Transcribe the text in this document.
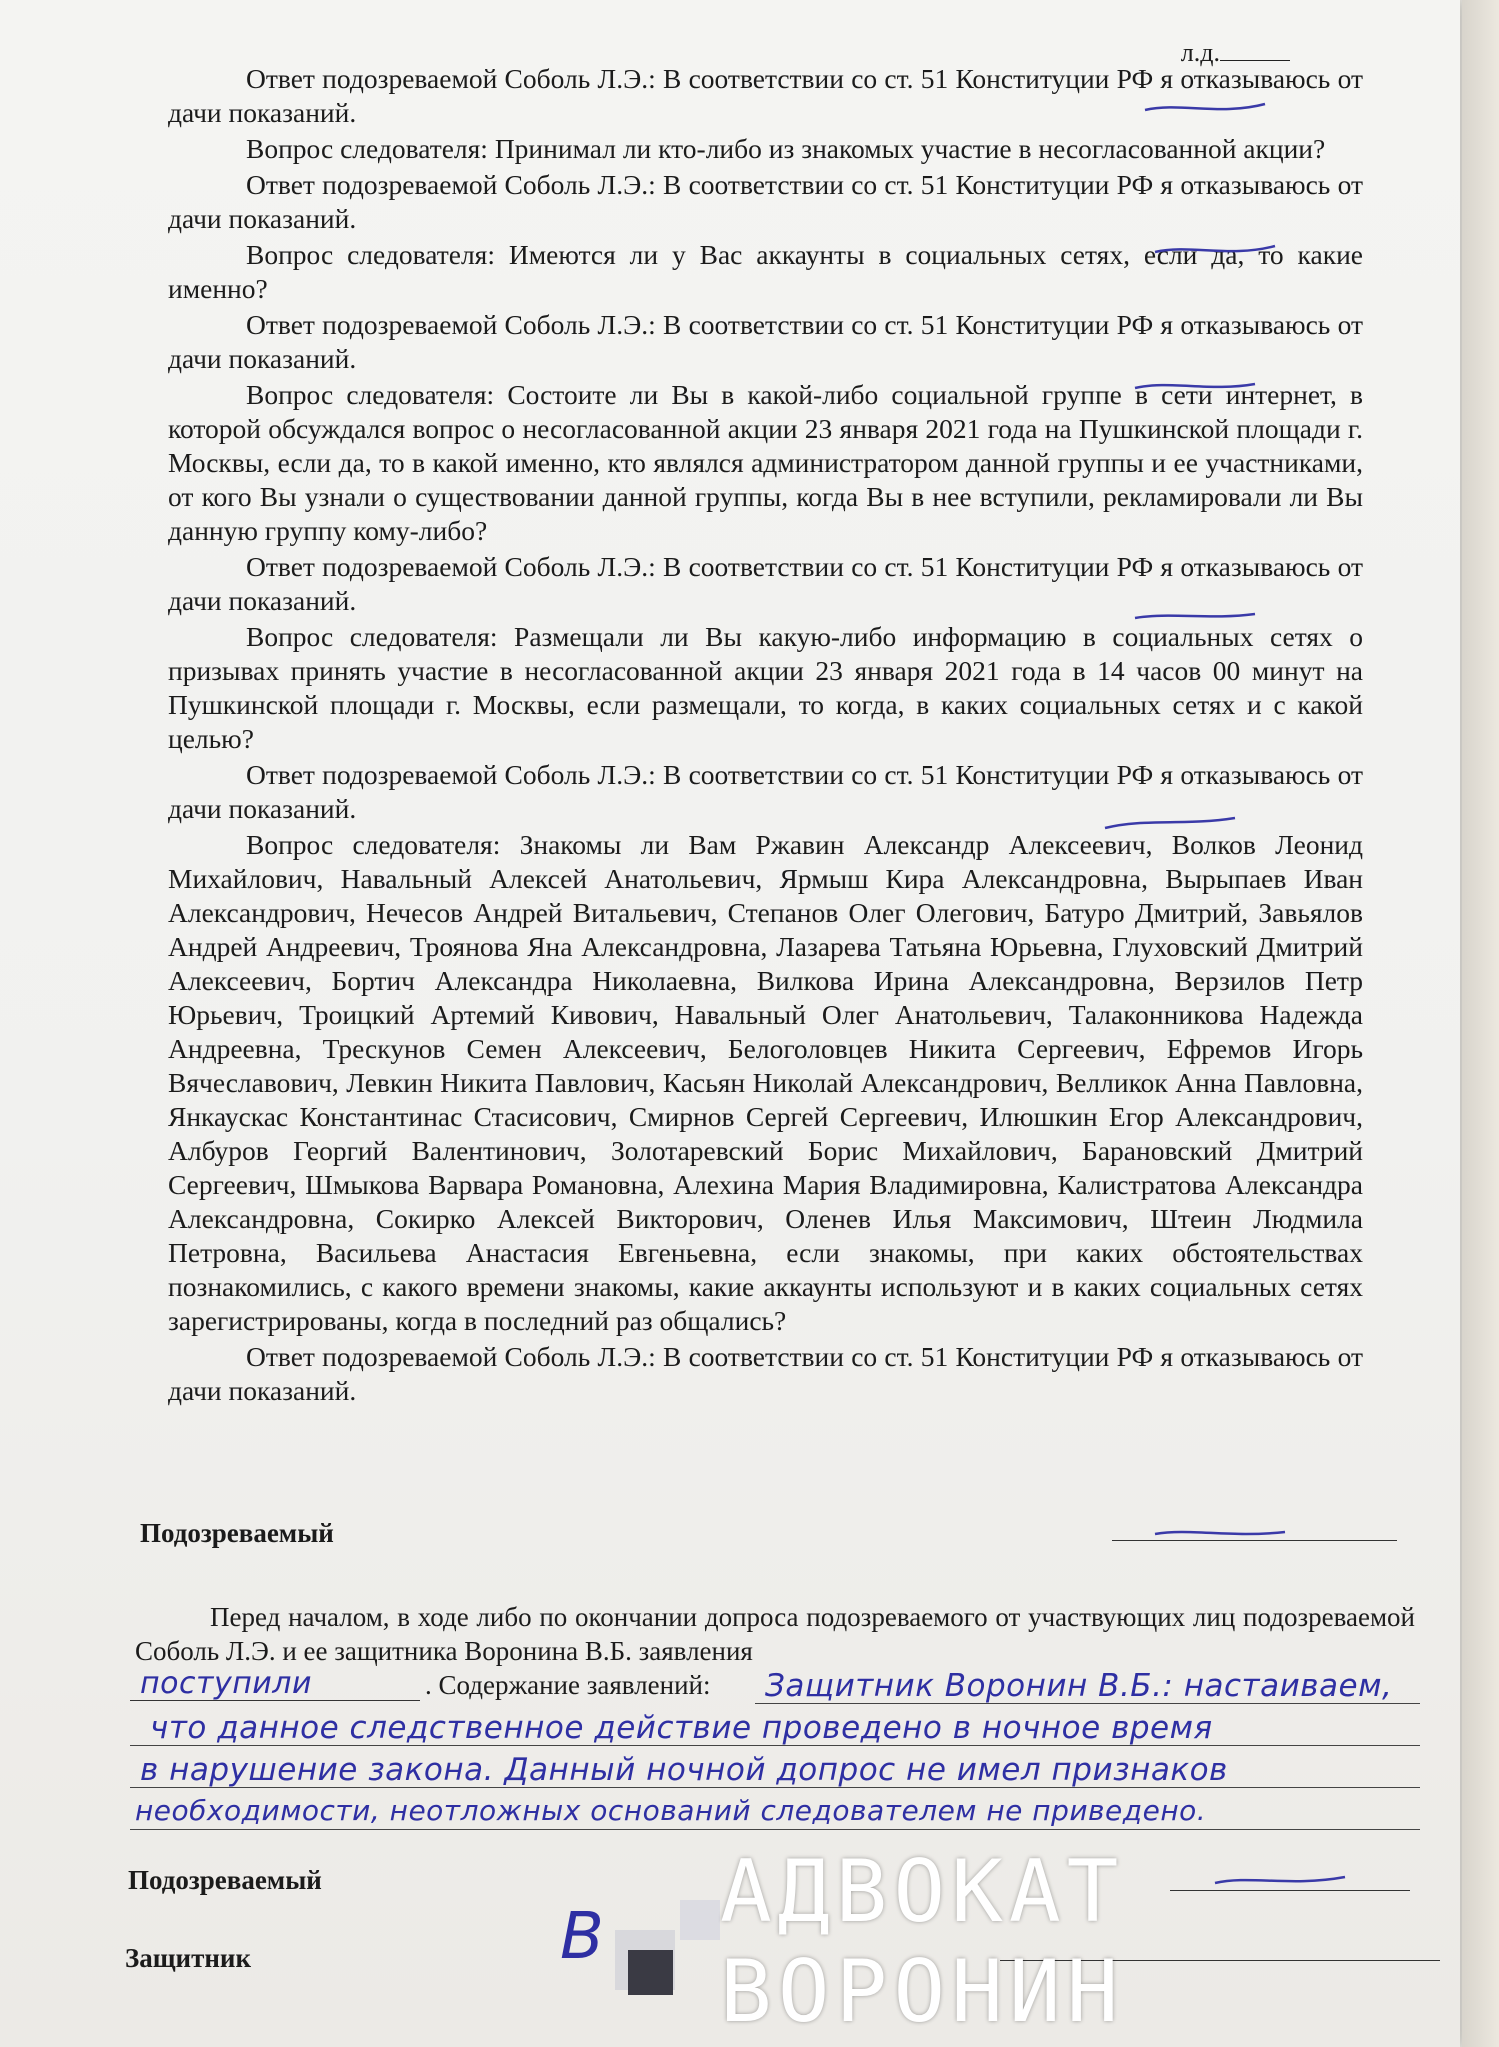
л.д.

Ответ подозреваемой Соболь Л.Э.: В соответствии со ст. 51 Конституции РФ я отказываюсь от дачи показаний.

Вопрос следователя: Принимал ли кто-либо из знакомых участие в несогласованной акции?

Ответ подозреваемой Соболь Л.Э.: В соответствии со ст. 51 Конституции РФ я отказываюсь от дачи показаний.

Вопрос следователя: Имеются ли у Вас аккаунты в социальных сетях, если да, то какие именно?

Ответ подозреваемой Соболь Л.Э.: В соответствии со ст. 51 Конституции РФ я отказываюсь от дачи показаний.

Вопрос следователя: Состоите ли Вы в какой-либо социальной группе в сети интернет, в которой обсуждался вопрос о несогласованной акции 23 января 2021 года на Пушкинской площади г. Москвы, если да, то в какой именно, кто являлся администратором данной группы и ее участниками, от кого Вы узнали о существовании данной группы, когда Вы в нее вступили, рекламировали ли Вы данную группу кому-либо?

Ответ подозреваемой Соболь Л.Э.: В соответствии со ст. 51 Конституции РФ я отказываюсь от дачи показаний.

Вопрос следователя: Размещали ли Вы какую-либо информацию в социальных сетях о призывах принять участие в несогласованной акции 23 января 2021 года в 14 часов 00 минут на Пушкинской площади г. Москвы, если размещали, то когда, в каких социальных сетях и с какой целью?

Ответ подозреваемой Соболь Л.Э.: В соответствии со ст. 51 Конституции РФ я отказываюсь от дачи показаний.

Вопрос следователя: Знакомы ли Вам Ржавин Александр Алексеевич, Волков Леонид Михайлович, Навальный Алексей Анатольевич, Ярмыш Кира Александровна, Вырыпаев Иван Александрович, Нечесов Андрей Витальевич, Степанов Олег Олегович, Батуро Дмитрий, Завьялов Андрей Андреевич, Троянова Яна Александровна, Лазарева Татьяна Юрьевна, Глуховский Дмитрий Алексеевич, Бортич Александра Николаевна, Вилкова Ирина Александровна, Верзилов Петр Юрьевич, Троицкий Артемий Кивович, Навальный Олег Анатольевич, Талаконникова Надежда Андреевна, Трескунов Семен Алексеевич, Белоголовцев Никита Сергеевич, Ефремов Игорь Вячеславович, Левкин Никита Павлович, Касьян Николай Александрович, Велликок Анна Павловна, Янкаускас Константинас Стасисович, Смирнов Сергей Сергеевич, Илюшкин Егор Александрович, Албуров Георгий Валентинович, Золотаревский Борис Михайлович, Барановский Дмитрий Сергеевич, Шмыкова Варвара Романовна, Алехина Мария Владимировна, Калистратова Александра Александровна, Сокирко Алексей Викторович, Оленев Илья Максимович, Штеин Людмила Петровна, Васильева Анастасия Евгеньевна, если знакомы, при каких обстоятельствах познакомились, с какого времени знакомы, какие аккаунты используют и в каких социальных сетях зарегистрированы, когда в последний раз общались?

Ответ подозреваемой Соболь Л.Э.: В соответствии со ст. 51 Конституции РФ я отказываюсь от дачи показаний.

Подозреваемый
Перед началом, в ходе либо по окончании допроса подозреваемого от участвующих лиц подозреваемой Соболь Л.Э. и ее защитника Воронина В.Б. заявления
поступили	. Содержание заявлений: Защитник Воронин В.Б.: настаиваем,
что данное следственное действие проведено в ночное время
в нарушение закона. Данный ночной допрос не имел признаков
необходимости, неотложных оснований следователем не приведено.
Подозреваемый
Защитник	В АДВОКАТ ВОРОНИН
